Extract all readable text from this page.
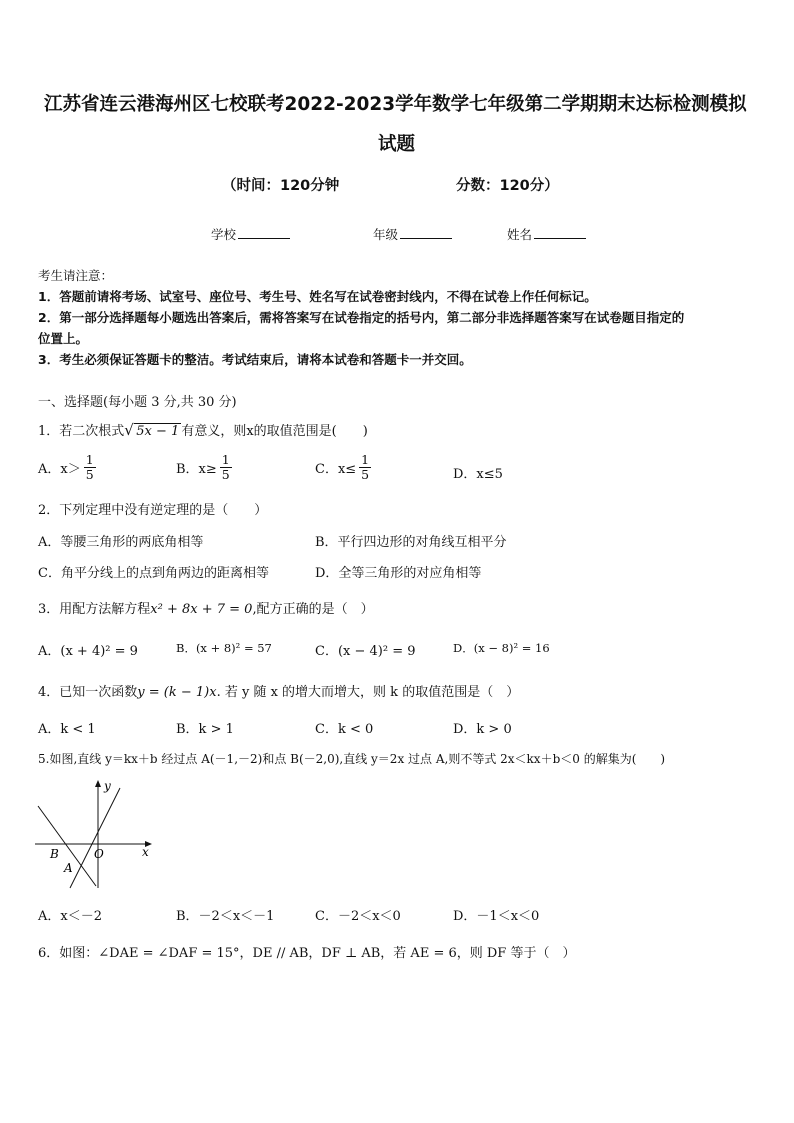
江苏省连云港海州区七校联考2022-2023学年数学七年级第二学期期末达标检测模拟
试题
（时间：120分钟	分数：120分）
学校	年级	姓名
考生请注意：
1．答题前请将考场、试室号、座位号、考生号、姓名写在试卷密封线内，不得在试卷上作任何标记。
2．第一部分选择题每小题选出答案后，需将答案写在试卷指定的括号内，第二部分非选择题答案写在试卷题目指定的
位置上。
3．考生必须保证答题卡的整洁。考试结束后，请将本试卷和答题卡一并交回。
一、选择题(每小题 3 分,共 30 分)
1．若二次根式 √ 5x − 1 有意义，则x的取值范围是(　　)
A．$x> \frac{1}{5}$	B．$x\ge \frac{1}{5}$	C．$x\le \frac{1}{5}$	D．x≤5
2．下列定理中没有逆定理的是（　　）
A．等腰三角形的两底角相等	B．平行四边形的对角线互相平分
C．角平分线上的点到角两边的距离相等	D．全等三角形的对应角相等
3．用配方法解方程x² + 8x + 7 = 0,配方正确的是（　）
A．(x + 4)² = 9	B．(x + 8)² = 57	C．(x − 4)² = 9	D．(x − 8)² = 16
4．已知一次函数y = (k − 1)x. 若 y 随 x 的增大而增大，则 k 的取值范围是（　）
A．k < 1	B．k > 1	C．k < 0	D．k > 0
5.如图,直线 y＝kx＋b 经过点 A(－1,－2)和点 B(－2,0),直线 y＝2x 过点 A,则不等式 2x＜kx＋b＜0 的解集为(　　)
y
x
O
B
A
A．x＜－2	B．－2＜x＜－1	C．－2＜x＜0	D．－1＜x＜0
6．如图：∠DAE = ∠DAF = 15°，DE // AB，DF ⊥ AB，若 AE = 6，则 DF 等于（　）
